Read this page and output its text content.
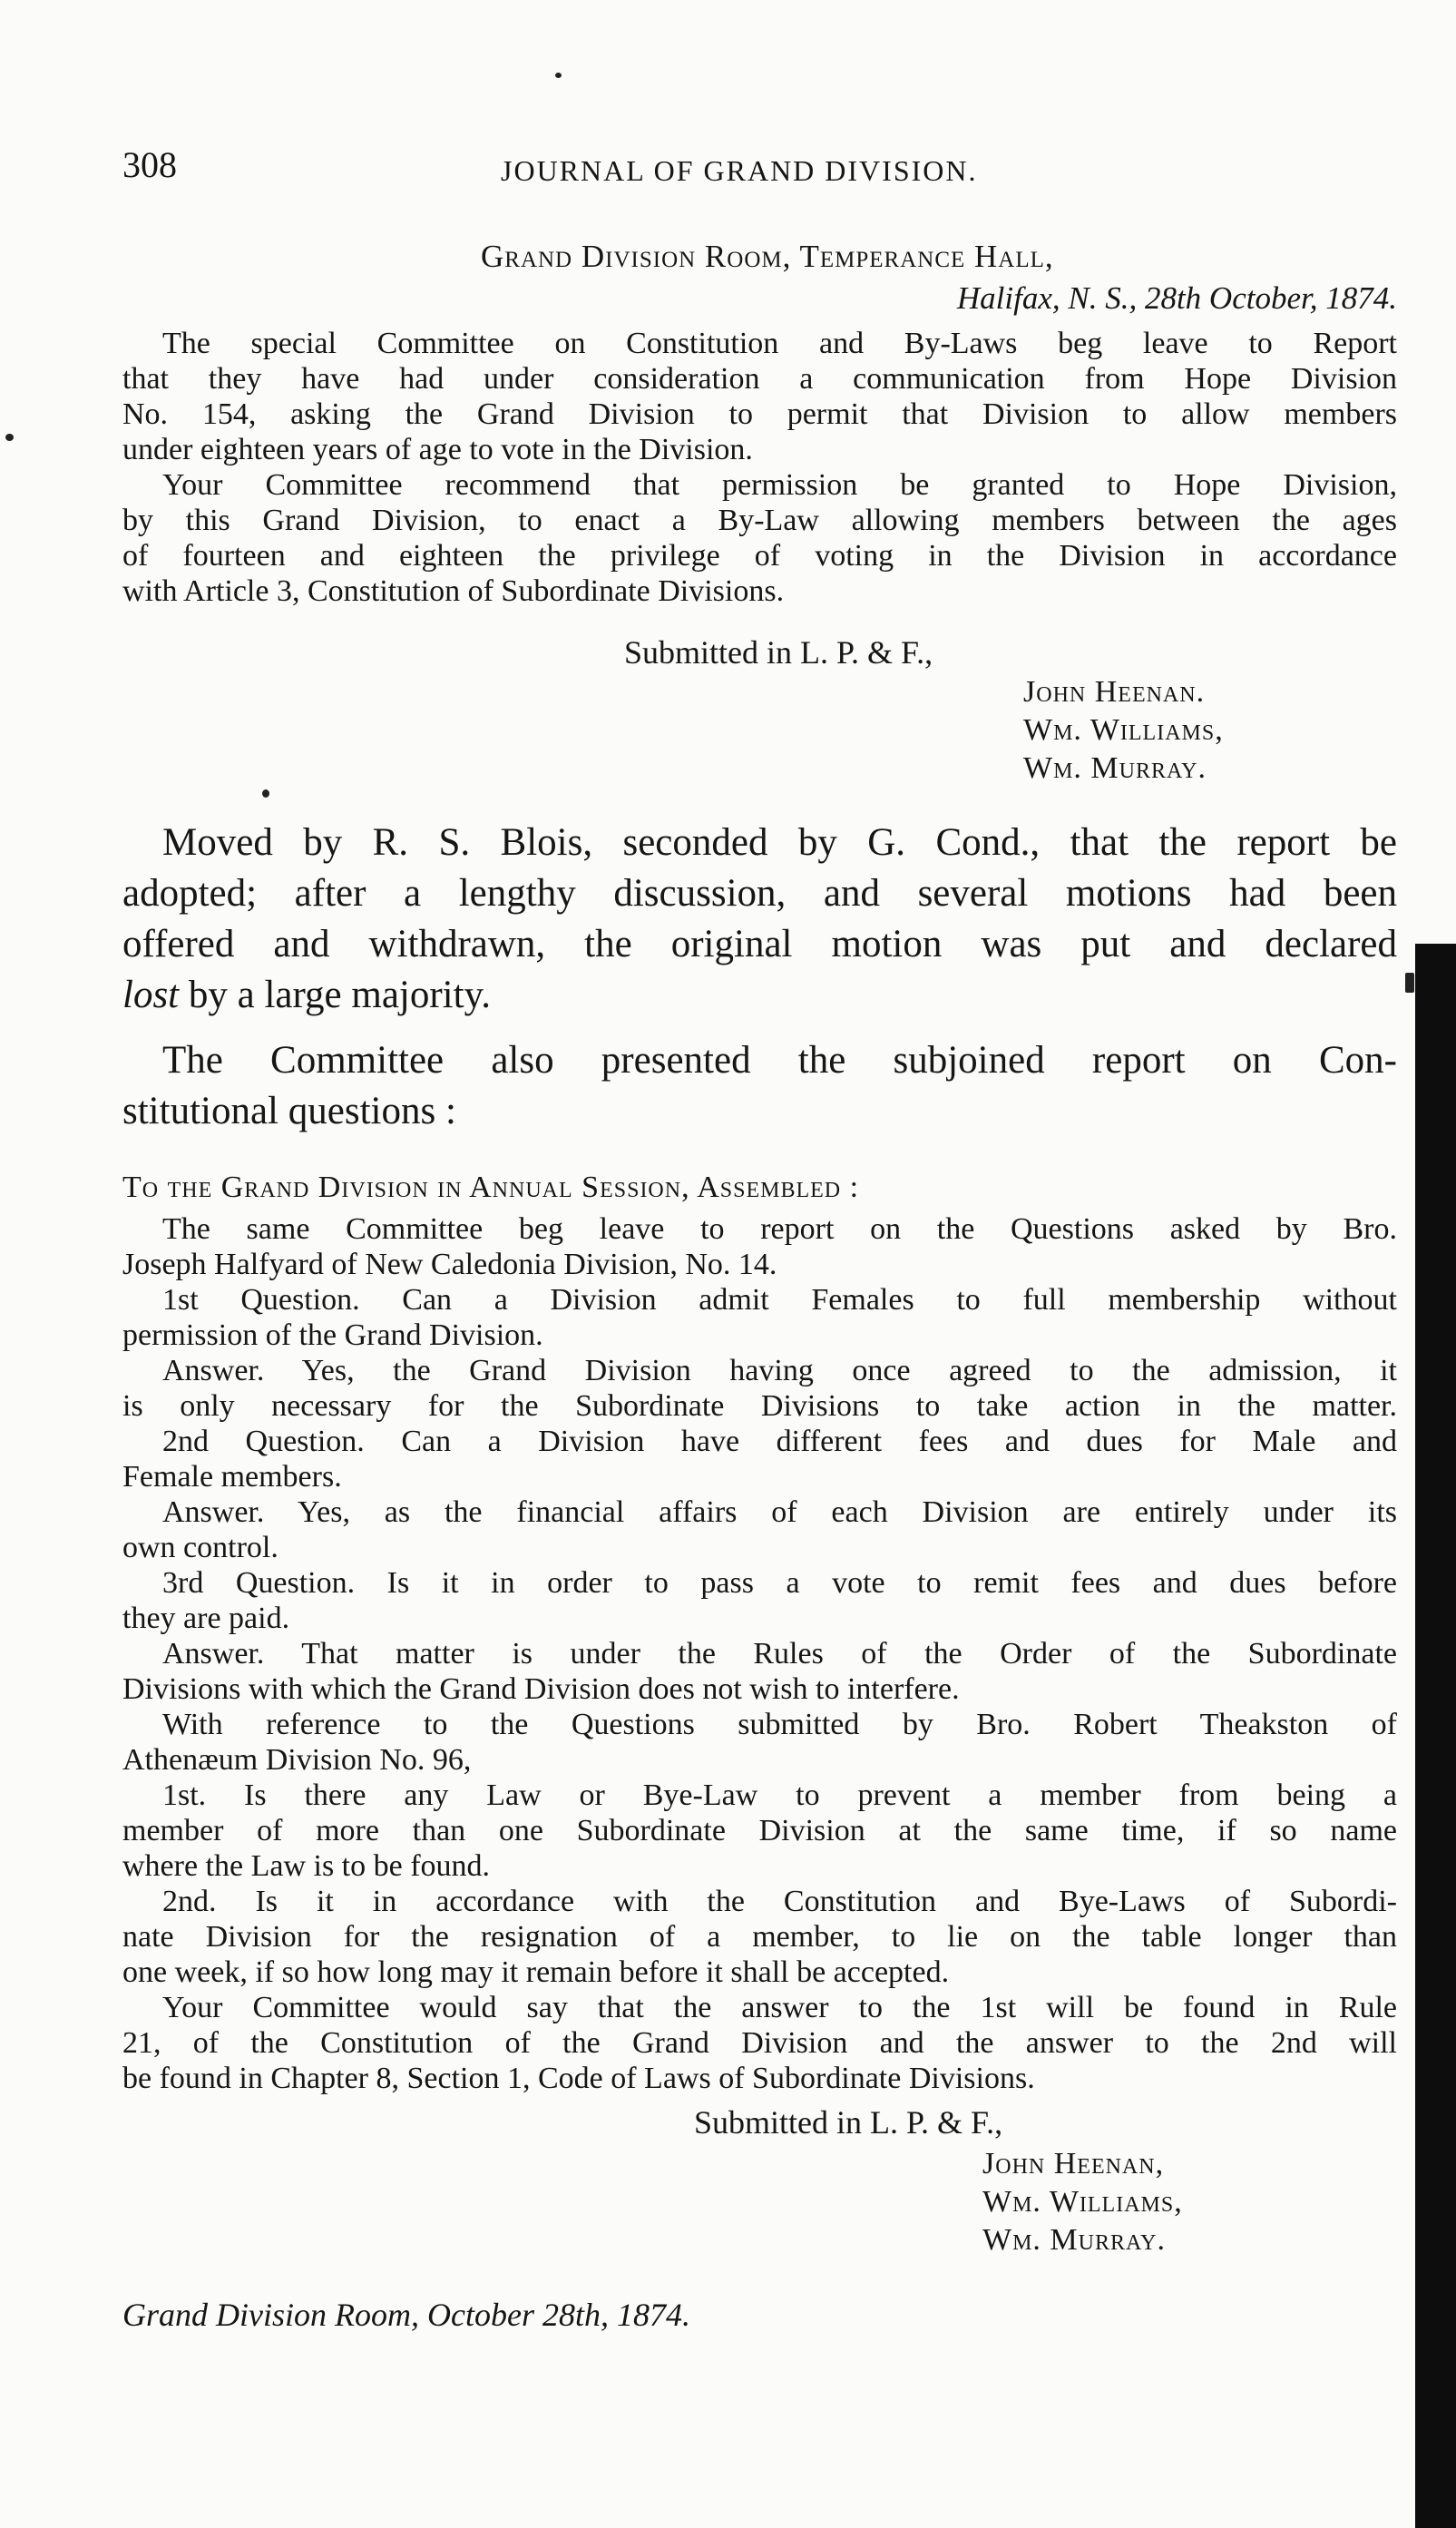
308	JOURNAL OF GRAND DIVISION.
Grand Division Room, Temperance Hall,
Halifax, N. S., 28th October, 1874.
The special Committee on Constitution and By-Laws beg leave to Report
that they have had under consideration a communication from Hope Division
No. 154, asking the Grand Division to permit that Division to allow members
under eighteen years of age to vote in the Division.
Your Committee recommend that permission be granted to Hope Division,
by this Grand Division, to enact a By-Law allowing members between the ages
of fourteen and eighteen the privilege of voting in the Division in accordance
with Article 3, Constitution of Subordinate Divisions.
Submitted in L. P. & F.,
John Heenan.
Wm. Williams,
Wm. Murray.
Moved by R. S. Blois, seconded by G. Cond., that the report be
adopted; after a lengthy discussion, and several motions had been
offered and withdrawn, the original motion was put and declared
lost by a large majority.
The Committee also presented the subjoined report on Con-
stitutional questions :
To the Grand Division in Annual Session, Assembled :
The same Committee beg leave to report on the Questions asked by Bro.
Joseph Halfyard of New Caledonia Division, No. 14.
1st Question. Can a Division admit Females to full membership without
permission of the Grand Division.
Answer. Yes, the Grand Division having once agreed to the admission, it
is only necessary for the Subordinate Divisions to take action in the matter.
2nd Question. Can a Division have different fees and dues for Male and
Female members.
Answer. Yes, as the financial affairs of each Division are entirely under its
own control.
3rd Question. Is it in order to pass a vote to remit fees and dues before
they are paid.
Answer. That matter is under the Rules of the Order of the Subordinate
Divisions with which the Grand Division does not wish to interfere.
With reference to the Questions submitted by Bro. Robert Theakston of
Athenæum Division No. 96,
1st. Is there any Law or Bye-Law to prevent a member from being a
member of more than one Subordinate Division at the same time, if so name
where the Law is to be found.
2nd. Is it in accordance with the Constitution and Bye-Laws of Subordi-
nate Division for the resignation of a member, to lie on the table longer than
one week, if so how long may it remain before it shall be accepted.
Your Committee would say that the answer to the 1st will be found in Rule
21, of the Constitution of the Grand Division and the answer to the 2nd will
be found in Chapter 8, Section 1, Code of Laws of Subordinate Divisions.
Submitted in L. P. & F.,
John Heenan,
Wm. Williams,
Wm. Murray.
Grand Division Room, October 28th, 1874.
